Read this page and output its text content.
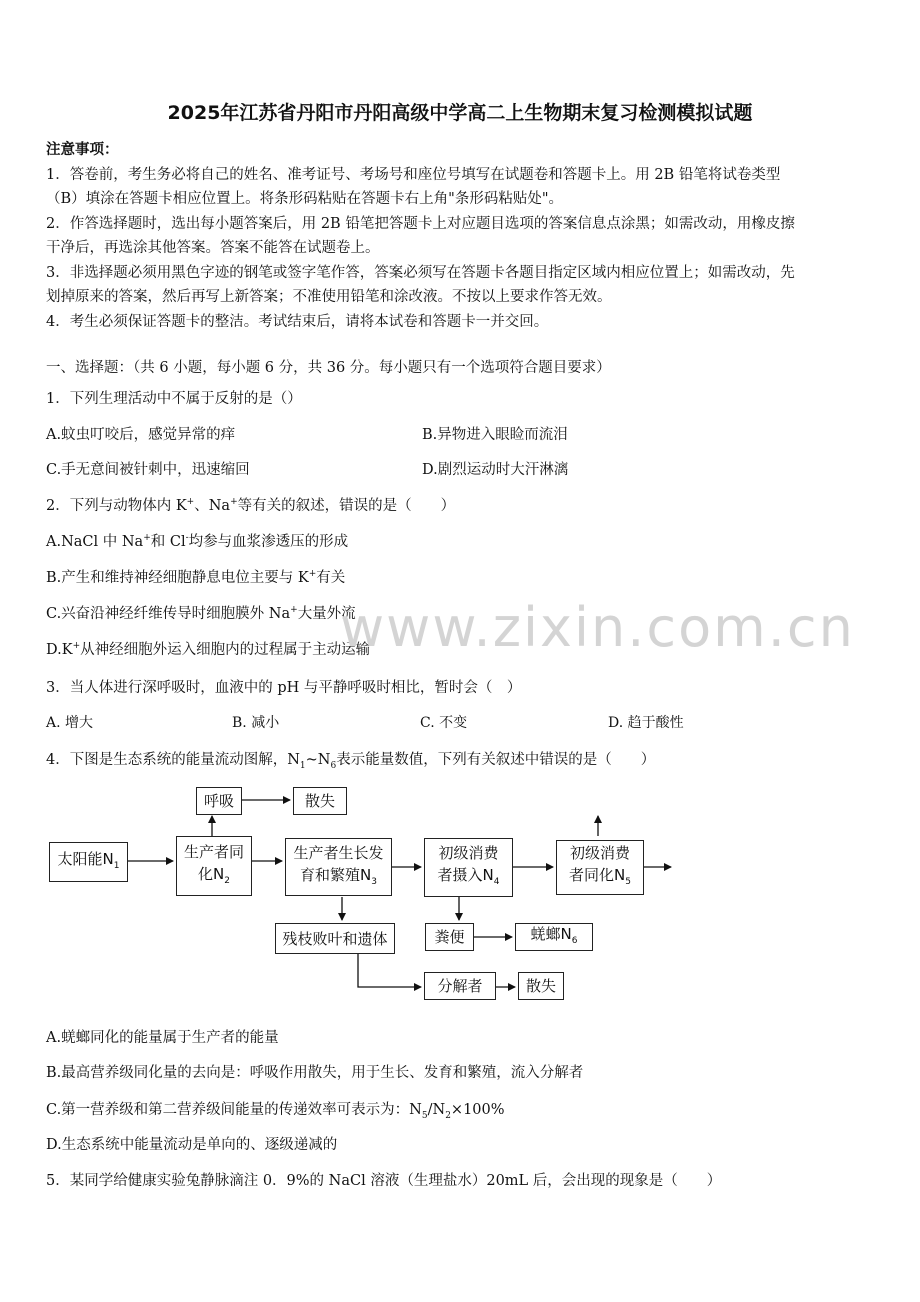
2025年江苏省丹阳市丹阳高级中学高二上生物期末复习检测模拟试题
注意事项：
1．答卷前，考生务必将自己的姓名、准考证号、考场号和座位号填写在试题卷和答题卡上。用 2B 铅笔将试卷类型
（B）填涂在答题卡相应位置上。将条形码粘贴在答题卡右上角"条形码粘贴处"。
2．作答选择题时，选出每小题答案后，用 2B 铅笔把答题卡上对应题目选项的答案信息点涂黑；如需改动，用橡皮擦
干净后，再选涂其他答案。答案不能答在试题卷上。
3．非选择题必须用黑色字迹的钢笔或签字笔作答，答案必须写在答题卡各题目指定区域内相应位置上；如需改动，先
划掉原来的答案，然后再写上新答案；不准使用铅笔和涂改液。不按以上要求作答无效。
4．考生必须保证答题卡的整洁。考试结束后，请将本试卷和答题卡一并交回。
一、选择题：（共 6 小题，每小题 6 分，共 36 分。每小题只有一个选项符合题目要求）
1．下列生理活动中不属于反射的是（）
A.蚊虫叮咬后，感觉异常的痒	B.异物进入眼睑而流泪
C.手无意间被针刺中，迅速缩回	D.剧烈运动时大汗淋漓
2．下列与动物体内 K+、Na+等有关的叙述，错误的是（　　）
A.NaCl 中 Na+和 Cl-均参与血浆渗透压的形成
B.产生和维持神经细胞静息电位主要与 K+有关
C.兴奋沿神经纤维传导时细胞膜外 Na+大量外流
D.K+从神经细胞外运入细胞内的过程属于主动运输
www.zixin.com.cn
3．当人体进行深呼吸时，血液中的 pH 与平静呼吸时相比，暂时会（　）
A. 增大	B. 减小	C. 不变	D. 趋于酸性
4．下图是生态系统的能量流动图解，$N_1\sim N_6$表示能量数值，下列有关叙述中错误的是（　　）
呼吸	散失
太阳能$N_1$
生产者同
化$N_2$
生产者生长发
育和繁殖$N_3$
初级消费
者摄入$N_4$
初级消费
者同化$N_5$
残枝败叶和遗体	粪便	蜣螂$N_6$
分解者	散失
A.蜣螂同化的能量属于生产者的能量
B.最高营养级同化量的去向是：呼吸作用散失，用于生长、发育和繁殖，流入分解者
C.第一营养级和第二营养级间能量的传递效率可表示为：$N_5/N_2\times 100\%$
D.生态系统中能量流动是单向的、逐级递减的
5．某同学给健康实验兔静脉滴注 0．9%的 NaCl 溶液（生理盐水）20mL 后，会出现的现象是（　　）
